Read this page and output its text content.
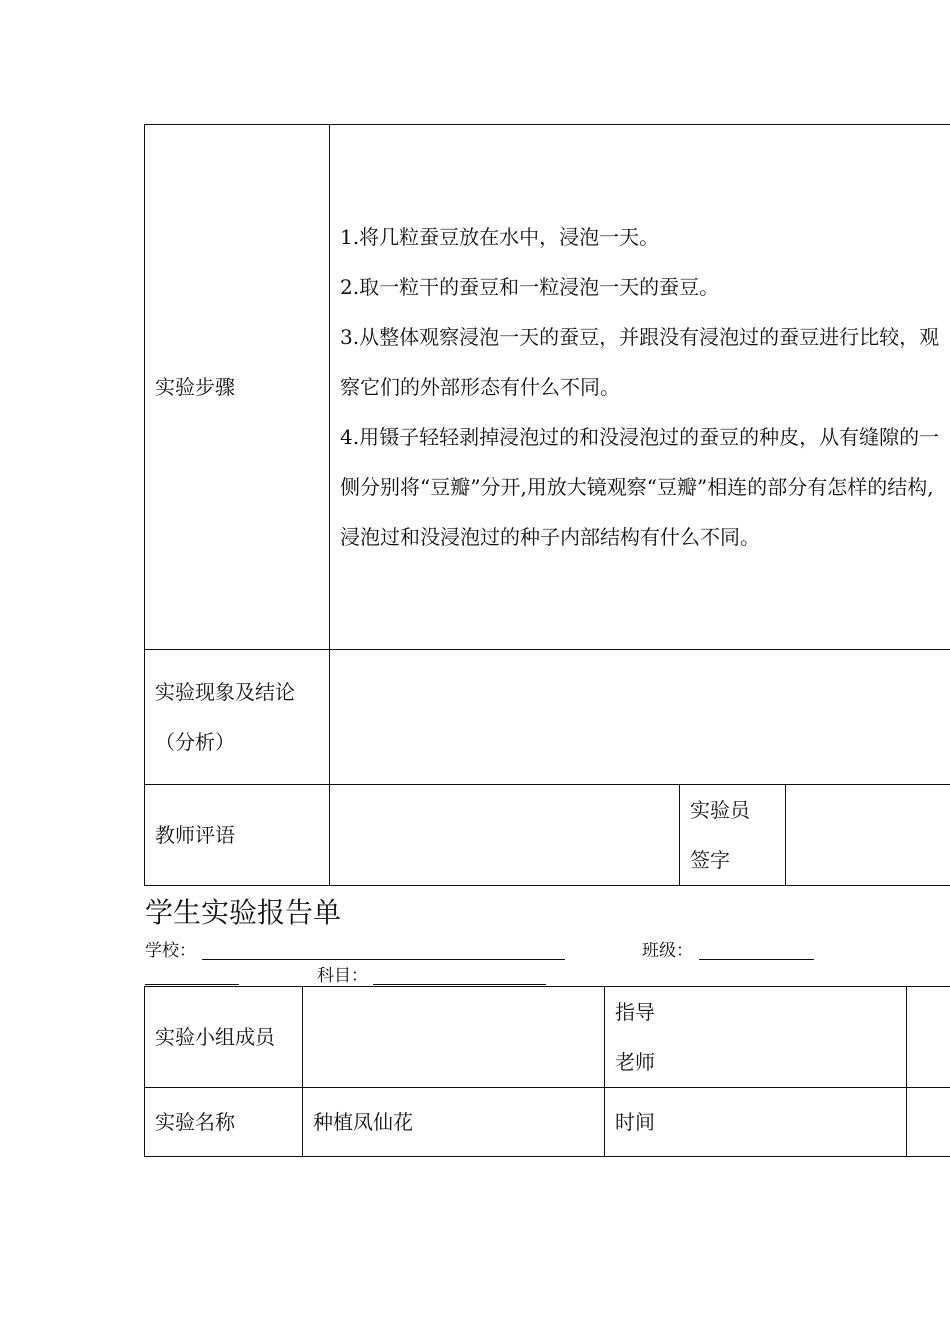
实验步骤	1.将几粒蚕豆放在水中，浸泡一天。

2.取一粒干的蚕豆和一粒浸泡一天的蚕豆。

3.从整体观察浸泡一天的蚕豆，并跟没有浸泡过的蚕豆进行比较，观察它们的外部形态有什么不同。

4.用镊子轻轻剥掉浸泡过的和没浸泡过的蚕豆的种皮，从有缝隙的一侧分别将“豆瓣”分开,用放大镜观察“豆瓣”相连的部分有怎样的结构,浸泡过和没浸泡过的种子内部结构有什么不同。		

实验现象及结论
（分析）			

教师评语		实验员
签字	

学生实验报告单
学校：	班级：
科目：
实验小组成员		指导
老师	

实验名称	种植凤仙花	时间	
